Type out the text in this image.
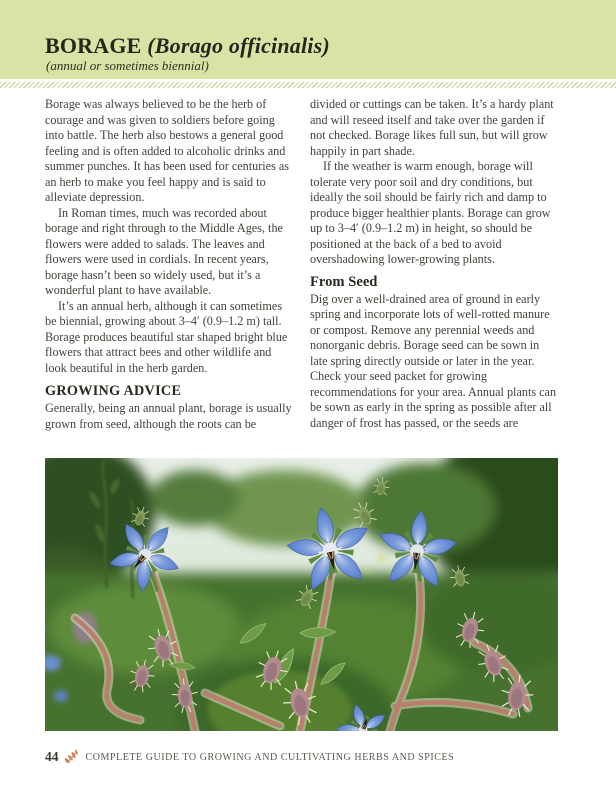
BORAGE (Borago officinalis)
(annual or sometimes biennial)

Borage was always believed to be the herb of courage and was given to soldiers before going into battle. The herb also bestows a general good feeling and is often added to alcoholic drinks and summer punches. It has been used for centuries as an herb to make you feel happy and is said to alleviate depression.

In Roman times, much was recorded about borage and right through to the Middle Ages, the flowers were added to salads. The leaves and flowers were used in cordials. In recent years, borage hasn’t been so widely used, but it’s a wonderful plant to have available.

It’s an annual herb, although it can sometimes be biennial, growing about 3–4′ (0.9–1.2 m) tall. Borage produces beautiful star shaped bright blue flowers that attract bees and other wildlife and look beautiful in the herb garden.

GROWING ADVICE

Generally, being an annual plant, borage is usually grown from seed, although the roots can be

divided or cuttings can be taken. It’s a hardy plant and will reseed itself and take over the garden if not checked. Borage likes full sun, but will grow happily in part shade.

If the weather is warm enough, borage will tolerate very poor soil and dry conditions, but ideally the soil should be fairly rich and damp to produce bigger healthier plants. Borage can grow up to 3–4′ (0.9–1.2 m) in height, so should be positioned at the back of a bed to avoid overshadowing lower-growing plants.

From Seed

Dig over a well-drained area of ground in early spring and incorporate lots of well-rotted manure or compost. Remove any perennial weeds and nonorganic debris. Borage seed can be sown in late spring directly outside or later in the year. Check your seed packet for growing recommendations for your area. Annual plants can be sown as early in the spring as possible after all danger of frost has passed, or the seeds are

44	COMPLETE GUIDE TO GROWING AND CULTIVATING HERBS AND SPICES
